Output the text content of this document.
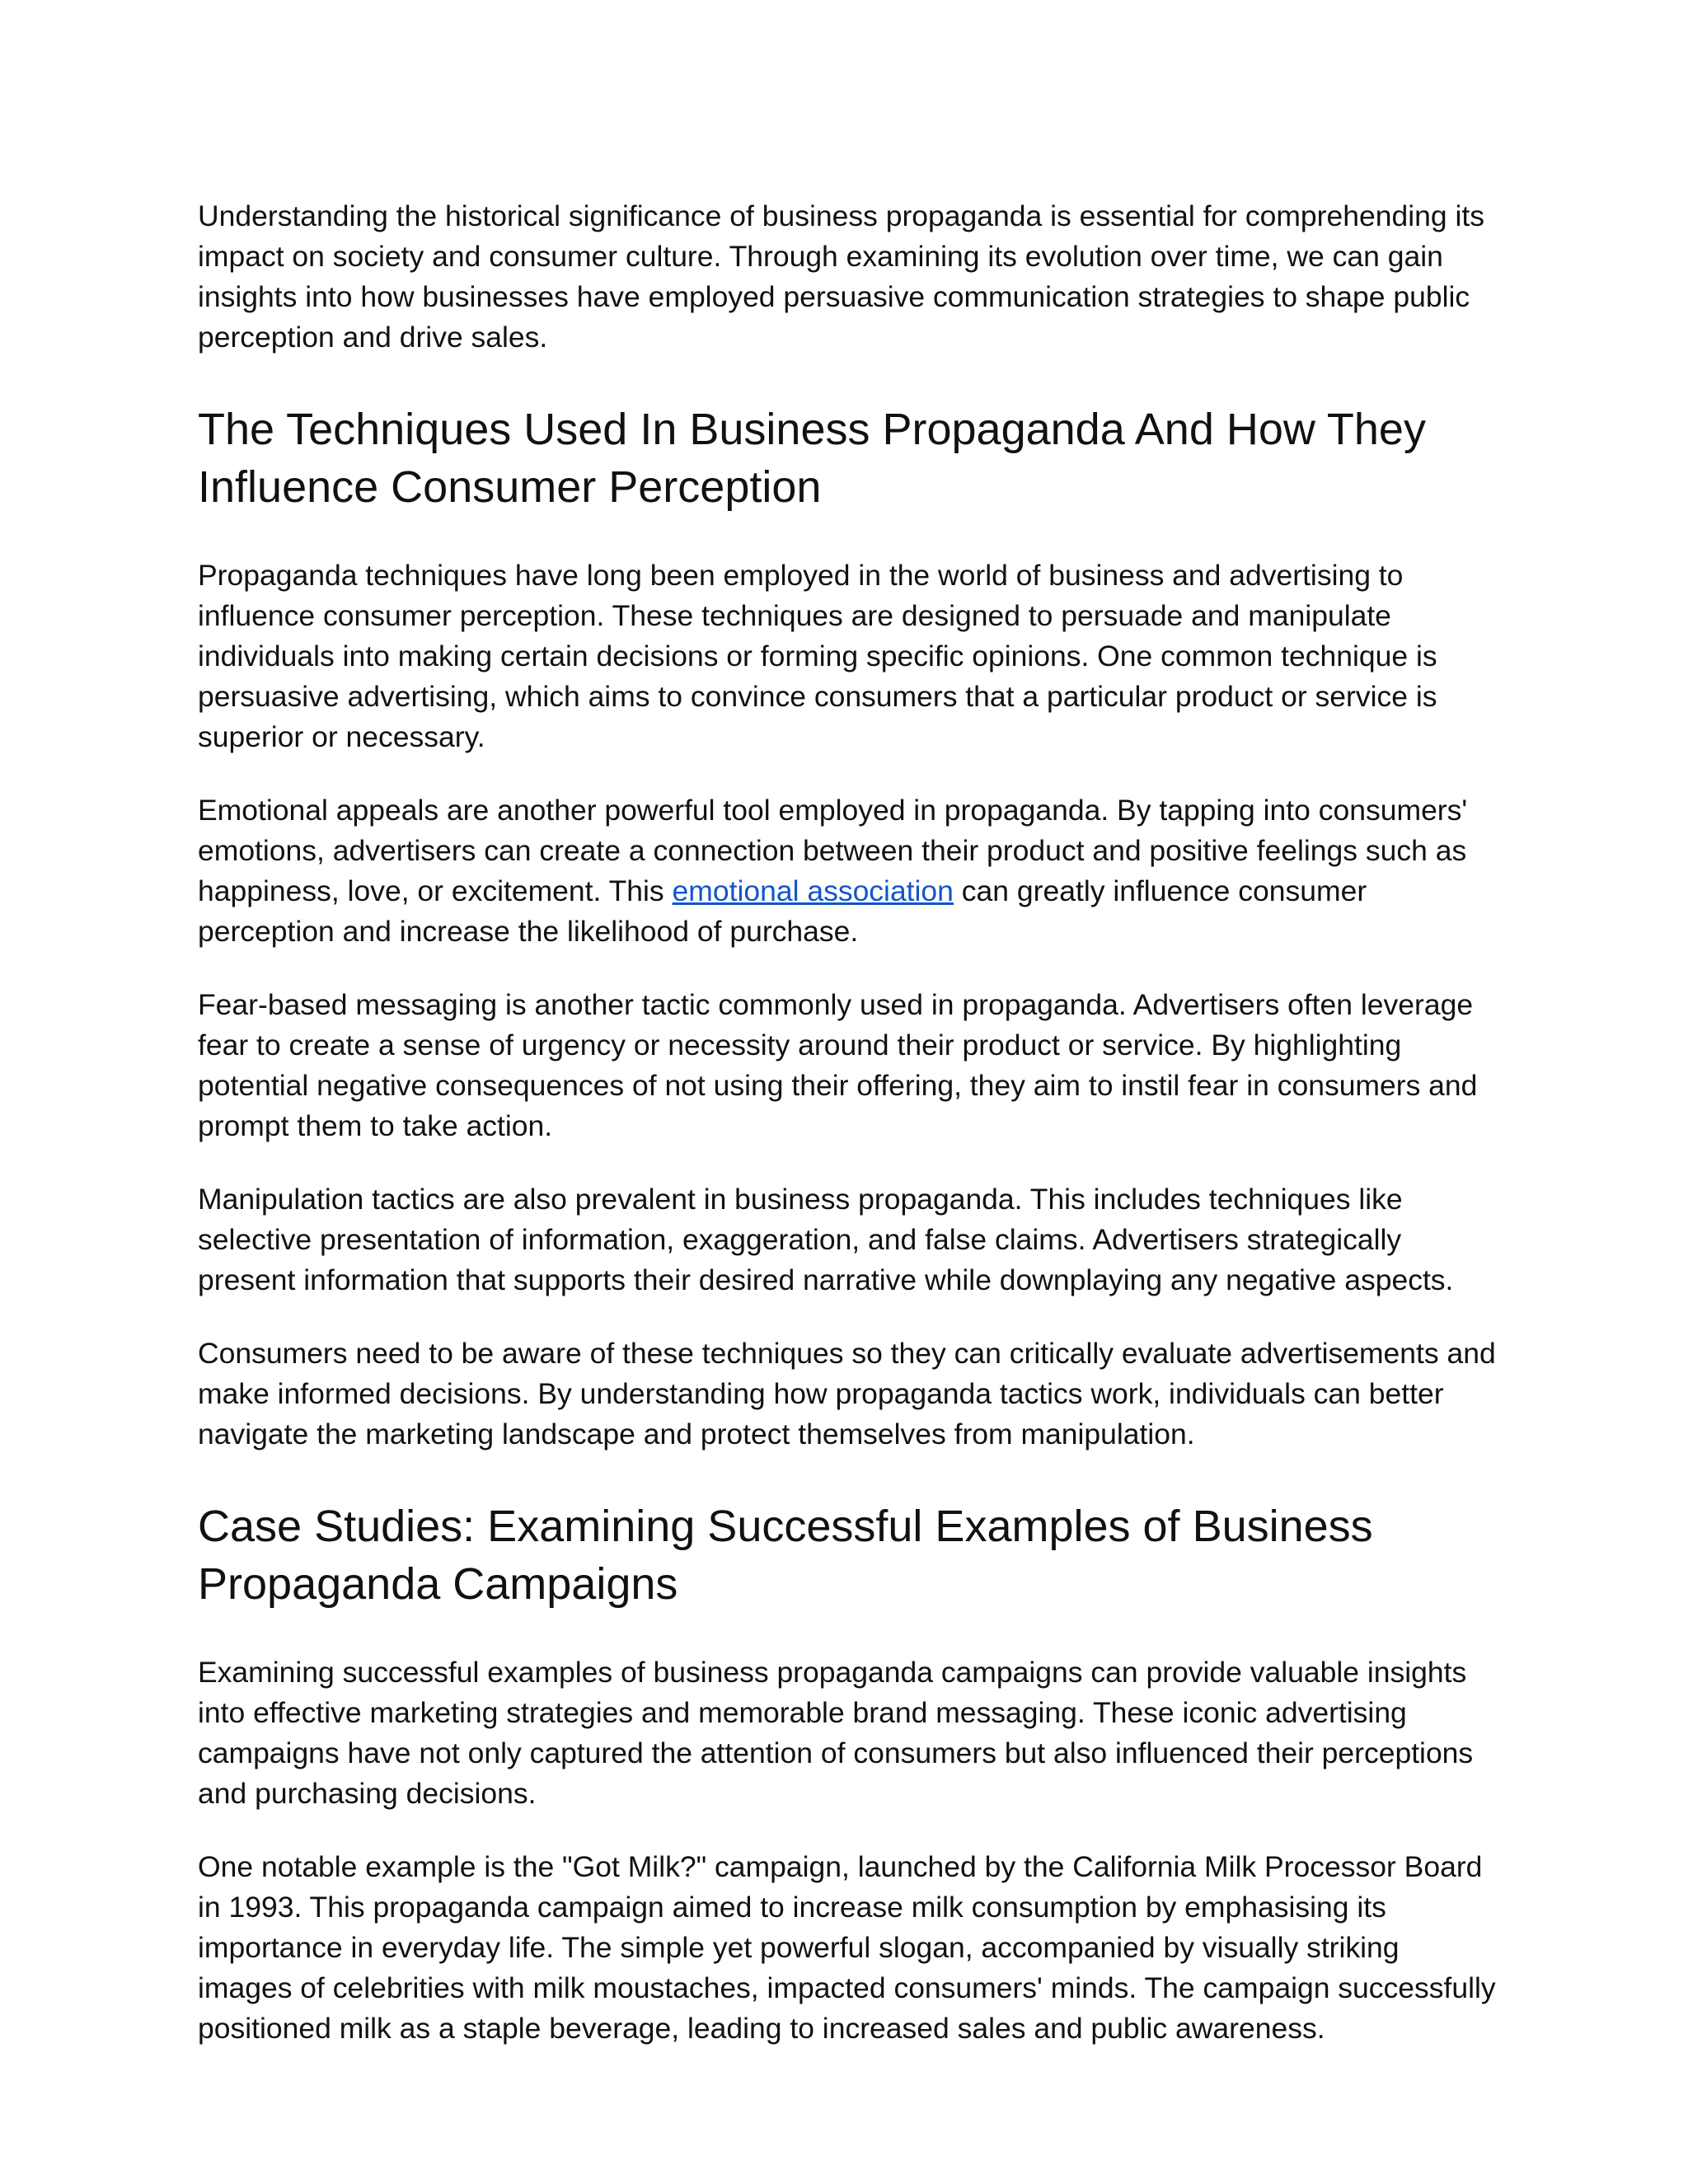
Understanding the historical significance of business propaganda is essential for comprehending its impact on society and consumer culture. Through examining its evolution over time, we can gain insights into how businesses have employed persuasive communication strategies to shape public perception and drive sales.

The Techniques Used In Business Propaganda And How They Influence Consumer Perception

Propaganda techniques have long been employed in the world of business and advertising to influence consumer perception. These techniques are designed to persuade and manipulate individuals into making certain decisions or forming specific opinions. One common technique is persuasive advertising, which aims to convince consumers that a particular product or service is superior or necessary.

Emotional appeals are another powerful tool employed in propaganda. By tapping into consumers' emotions, advertisers can create a connection between their product and positive feelings such as happiness, love, or excitement. This emotional association can greatly influence consumer perception and increase the likelihood of purchase.

Fear-based messaging is another tactic commonly used in propaganda. Advertisers often leverage fear to create a sense of urgency or necessity around their product or service. By highlighting potential negative consequences of not using their offering, they aim to instil fear in consumers and prompt them to take action.

Manipulation tactics are also prevalent in business propaganda. This includes techniques like selective presentation of information, exaggeration, and false claims. Advertisers strategically present information that supports their desired narrative while downplaying any negative aspects.

Consumers need to be aware of these techniques so they can critically evaluate advertisements and make informed decisions. By understanding how propaganda tactics work, individuals can better navigate the marketing landscape and protect themselves from manipulation.

Case Studies: Examining Successful Examples of Business Propaganda Campaigns

Examining successful examples of business propaganda campaigns can provide valuable insights into effective marketing strategies and memorable brand messaging. These iconic advertising campaigns have not only captured the attention of consumers but also influenced their perceptions and purchasing decisions.

One notable example is the "Got Milk?" campaign, launched by the California Milk Processor Board in 1993. This propaganda campaign aimed to increase milk consumption by emphasising its importance in everyday life. The simple yet powerful slogan, accompanied by visually striking images of celebrities with milk moustaches, impacted consumers' minds. The campaign successfully positioned milk as a staple beverage, leading to increased sales and public awareness.
